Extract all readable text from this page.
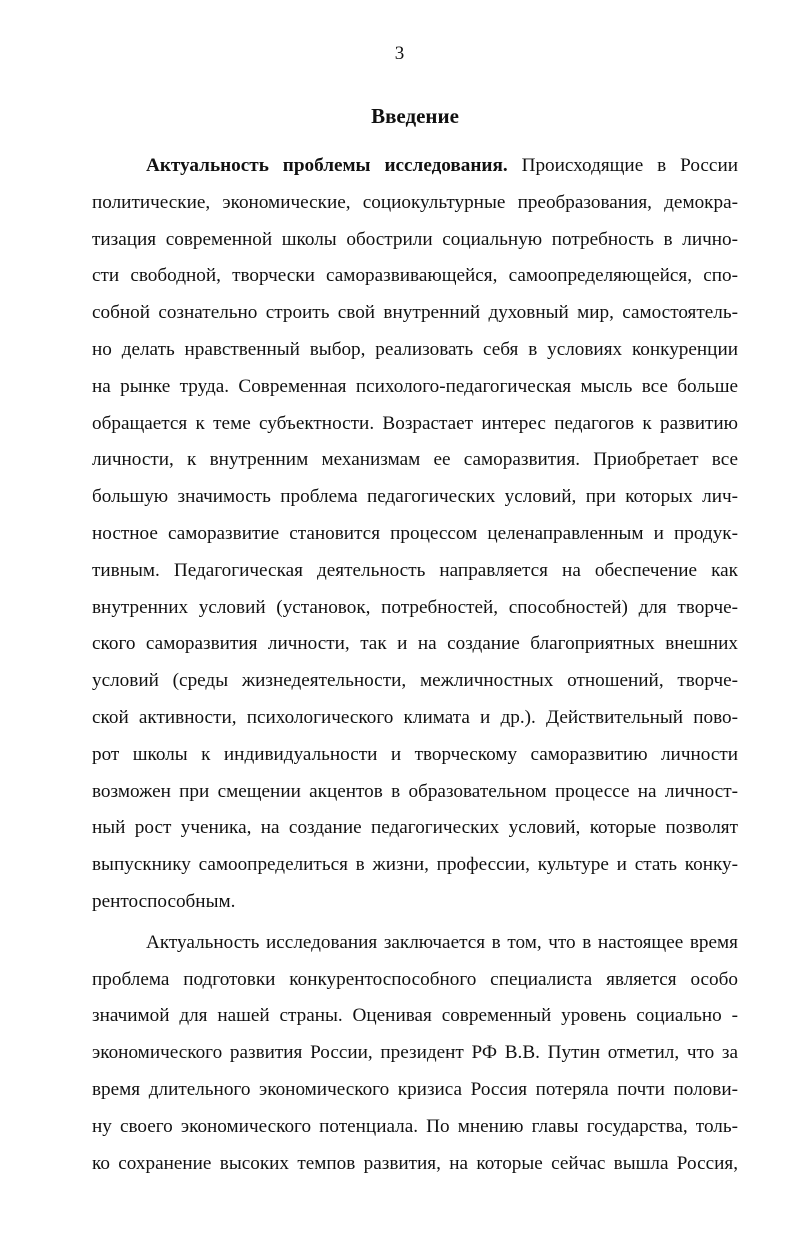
3
Введение
Актуальность проблемы исследования. Происходящие в России
политические, экономические, социокультурные преобразования, демокра-
тизация современной школы обострили социальную потребность в лично-
сти свободной, творчески саморазвивающейся, самоопределяющейся, спо-
собной сознательно строить свой внутренний духовный мир, самостоятель-
но делать нравственный выбор, реализовать себя в условиях конкуренции
на рынке труда. Современная психолого-педагогическая мысль все больше
обращается к теме субъектности. Возрастает интерес педагогов к развитию
личности, к внутренним механизмам ее саморазвития. Приобретает все
большую значимость проблема педагогических условий, при которых лич-
ностное саморазвитие становится процессом целенаправленным и продук-
тивным. Педагогическая деятельность направляется на обеспечение как
внутренних условий (установок, потребностей, способностей) для творче-
ского саморазвития личности, так и на создание благоприятных внешних
условий (среды жизнедеятельности, межличностных отношений, творче-
ской активности, психологического климата и др.). Действительный пово-
рот школы к индивидуальности и творческому саморазвитию личности
возможен при смещении акцентов в образовательном процессе на личност-
ный рост ученика, на создание педагогических условий, которые позволят
выпускнику самоопределиться в жизни, профессии, культуре и стать конку-
рентоспособным.
Актуальность исследования заключается в том, что в настоящее время
проблема подготовки конкурентоспособного специалиста является особо
значимой для нашей страны. Оценивая современный уровень социально -
экономического развития России, президент РФ В.В. Путин отметил, что за
время длительного экономического кризиса Россия потеряла почти полови-
ну своего экономического потенциала. По мнению главы государства, толь-
ко сохранение высоких темпов развития, на которые сейчас вышла Россия,
